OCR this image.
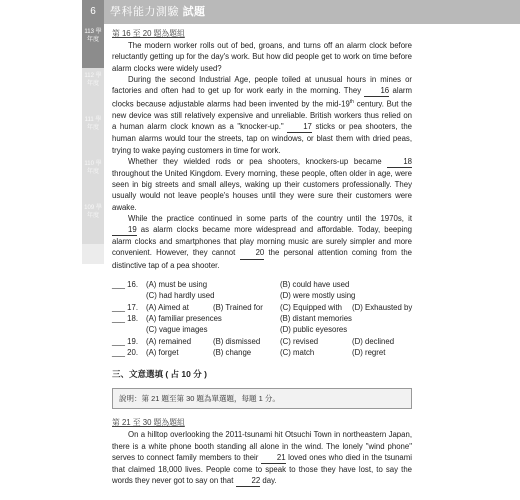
6	學科能力測驗 試題
113 學年度
112 學年度
111 學年度
110 學年度
109 學年度
第 16 至 20 題為題組

The modern worker rolls out of bed, groans, and turns off an alarm clock before reluctantly getting up for the day's work. But how did people get to work on time before alarm clocks were widely used?

During the second Industrial Age, people toiled at unusual hours in mines or factories and often had to get up for work early in the morning. They 16 alarm clocks because adjustable alarms had been invented by the mid-19th century. But the new device was still relatively expensive and unreliable. British workers thus relied on a human alarm clock known as a "knocker-up."	17 sticks or pea shooters, the human alarms would tour the streets, tap on windows, or blast them with dried peas, trying to wake paying customers in time for work.

Whether they wielded rods or pea shooters, knockers-up became	18 throughout the United Kingdom. Every morning, these people, often older in age, were seen in big streets and small alleys, waking up their customers professionally. They usually would not leave people's houses until they were sure their customers were awake.

While the practice continued in some parts of the country until the 1970s, it 19 as alarm clocks became more widespread and affordable. Today, beeping alarm clocks and smartphones that play morning music are surely simpler and more convenient. However, they cannot	20 the personal attention coming from the distinctive tap of a pea shooter.

___ 16.	(A) must be using	(B) could have used
(C) had hardly used	(D) were mostly using
___ 17.	(A) Aimed at	(B) Trained for	(C) Equipped with	(D) Exhausted by
___ 18.	(A) familiar presences	(B) distant memories
(C) vague images	(D) public eyesores
___ 19.	(A) remained	(B) dismissed	(C) revised	(D) declined
___ 20.	(A) forget	(B) change	(C) match	(D) regret
三、文意選填 ( 占 10 分 )
說明：第 21 題至第 30 題為單選題，每題 1 分。
第 21 至 30 題為題組

On a hilltop overlooking the 2011-tsunami hit Otsuchi Town in northeastern Japan, there is a white phone booth standing all alone in the wind. The lonely "wind phone" serves to connect family members to their 21 loved ones who died in the tsunami that claimed 18,000 lives. People come to speak to those they have lost, to say the words they never got to say on that 22 day.
